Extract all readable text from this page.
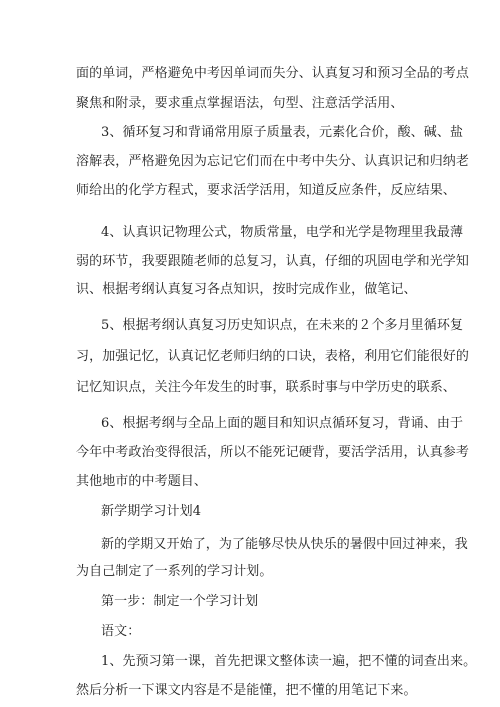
面的单词，严格避免中考因单词而失分、认真复习和预习全品的考点
聚焦和附录，要求重点掌握语法，句型、注意活学活用、
3、循环复习和背诵常用原子质量表，元素化合价，酸、碱、盐
溶解表，严格避免因为忘记它们而在中考中失分、认真识记和归纳老
师给出的化学方程式，要求活学活用，知道反应条件，反应结果、
4、认真识记物理公式，物质常量，电学和光学是物理里我最薄
弱的环节，我要跟随老师的总复习，认真，仔细的巩固电学和光学知
识、根据考纲认真复习各点知识，按时完成作业，做笔记、
5、根据考纲认真复习历史知识点，在未来的２个多月里循环复
习，加强记忆，认真记忆老师归纳的口诀，表格，利用它们能很好的
记忆知识点，关注今年发生的时事，联系时事与中学历史的联系、
6、根据考纲与全品上面的题目和知识点循环复习，背诵、由于
今年中考政治变得很活，所以不能死记硬背，要活学活用，认真参考
其他地市的中考题目、
新学期学习计划4
新的学期又开始了，为了能够尽快从快乐的暑假中回过神来，我
为自己制定了一系列的学习计划。
第一步：制定一个学习计划
语文：
1、先预习第一课，首先把课文整体读一遍，把不懂的词查出来。
然后分析一下课文内容是不是能懂，把不懂的用笔记下来。
